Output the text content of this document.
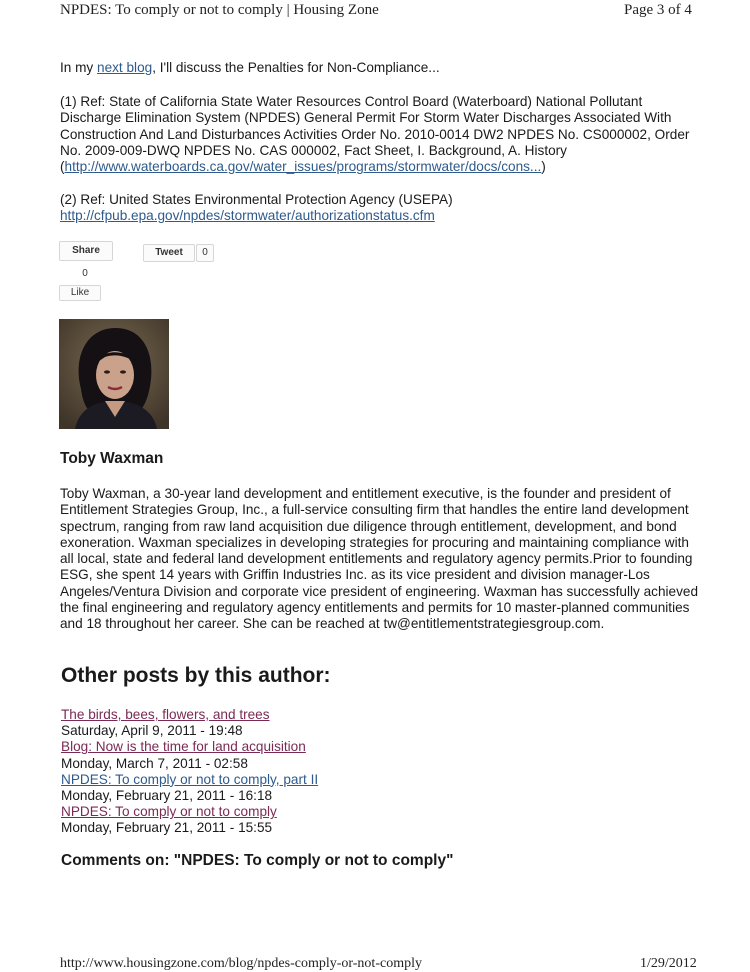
NPDES: To comply or not to comply | Housing Zone	Page 3 of 4

In my next blog, I'll discuss the Penalties for Non-Compliance...

(1) Ref: State of California State Water Resources Control Board (Waterboard) National Pollutant Discharge Elimination System (NPDES) General Permit For Storm Water Discharges Associated With Construction And Land Disturbances Activities Order No. 2010-0014 DW2 NPDES No. CS000002, Order No. 2009-009-DWQ NPDES No. CAS 000002, Fact Sheet, I. Background, A. History (http://www.waterboards.ca.gov/water_issues/programs/stormwater/docs/cons...)

(2) Ref: United States Environmental Protection Agency (USEPA)
http://cfpub.epa.gov/npdes/stormwater/authorizationstatus.cfm

Share
0
Like
Tweet	0
Toby Waxman

Toby Waxman, a 30-year land development and entitlement executive, is the founder and president of Entitlement Strategies Group, Inc., a full-service consulting firm that handles the entire land development spectrum, ranging from raw land acquisition due diligence through entitlement, development, and bond exoneration. Waxman specializes in developing strategies for procuring and maintaining compliance with all local, state and federal land development entitlements and regulatory agency permits.Prior to founding ESG, she spent 14 years with Griffin Industries Inc. as its vice president and division manager-Los Angeles/Ventura Division and corporate vice president of engineering. Waxman has successfully achieved the final engineering and regulatory agency entitlements and permits for 10 master-planned communities and 18 throughout her career. She can be reached at tw@entitlementstrategiesgroup.com.

Other posts by this author:
The birds, bees, flowers, and trees
Saturday, April 9, 2011 - 19:48
Blog: Now is the time for land acquisition
Monday, March 7, 2011 - 02:58
NPDES: To comply or not to comply, part II
Monday, February 21, 2011 - 16:18
NPDES: To comply or not to comply
Monday, February 21, 2011 - 15:55
Comments on: "NPDES: To comply or not to comply"
http://www.housingzone.com/blog/npdes-comply-or-not-comply	1/29/2012
